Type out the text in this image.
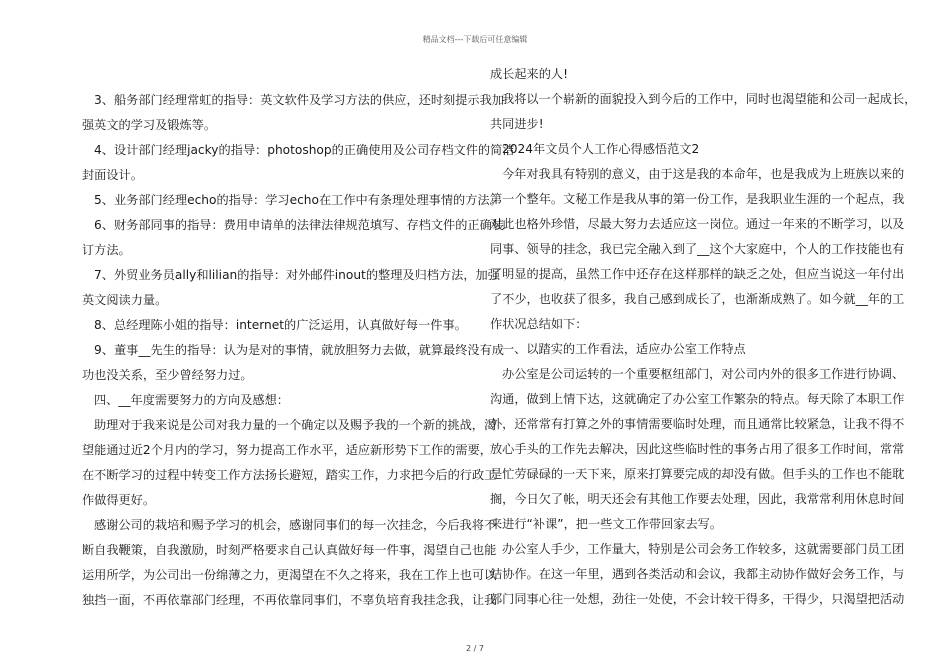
精品文档---下载后可任意编辑
3、船务部门经理常虹的指导：英文软件及学习方法的供应，还时刻提示我加
强英文的学习及锻炼等。
4、设计部门经理jacky的指导：photoshop的正确使用及公司存档文件的简洁
封面设计。
5、业务部门经理echo的指导：学习echo在工作中有条理处理事情的方法。
6、财务部同事的指导：费用申请单的法律法律规范填写、存档文件的正确装
订方法。
7、外贸业务员ally和lilian的指导：对外邮件inout的整理及归档方法，加强
英文阅读力量。
8、总经理陈小姐的指导：internet的广泛运用，认真做好每一件事。
9、董事__先生的指导：认为是对的事情，就放胆努力去做，就算最终没有成
功也没关系，至少曾经努力过。
四、__年度需要努力的方向及感想：
助理对于我来说是公司对我力量的一个确定以及赐予我的一个新的挑战，渴
望能通过近2个月内的学习，努力提高工作水平，适应新形势下工作的需要，
在不断学习的过程中转变工作方法扬长避短，踏实工作，力求把今后的行政工
作做得更好。
感谢公司的栽培和赐予学习的机会，感谢同事们的每一次挂念，今后我将不
断自我鞭策，自我激励，时刻严格要求自己认真做好每一件事，渴望自己也能
运用所学，为公司出一份绵薄之力，更渴望在不久之将来，我在工作上也可以
独挡一面，不再依靠部门经理，不再依靠同事们，不辜负培育我挂念我，让我
成长起来的人!
我将以一个崭新的面貌投入到今后的工作中，同时也渴望能和公司一起成长，
共同进步!
2024年文员个人工作心得感悟范文2
今年对我具有特别的意义，由于这是我的本命年，也是我成为上班族以来的
第一个整年。文秘工作是我从事的第一份工作，是我职业生涯的一个起点，我
对此也格外珍惜，尽最大努力去适应这一岗位。通过一年来的不断学习，以及
同事、领导的挂念，我已完全融入到了__这个大家庭中，个人的工作技能也有
了明显的提高，虽然工作中还存在这样那样的缺乏之处，但应当说这一年付出
了不少，也收获了很多，我自己感到成长了，也渐渐成熟了。如今就__年的工
作状况总结如下：
一、以踏实的工作看法，适应办公室工作特点
办公室是公司运转的一个重要枢纽部门，对公司内外的很多工作进行协调、
沟通，做到上情下达，这就确定了办公室工作繁杂的特点。每天除了本职工作
外，还常常有打算之外的事情需要临时处理，而且通常比较紧急，让我不得不
放心手头的工作先去解决，因此这些临时性的事务占用了很多工作时间，常常
是忙劳碌碌的一天下来，原来打算要完成的却没有做。但手头的工作也不能耽
搁，今日欠了帐，明天还会有其他工作要去处理，因此，我常常利用休息时间
来进行“补课”，把一些文工作带回家去写。
办公室人手少，工作量大，特别是公司会务工作较多，这就需要部门员工团
结协作。在这一年里，遇到各类活动和会议，我都主动协作做好会务工作，与
部门同事心往一处想，劲往一处使，不会计较干得多，干得少，只渴望把活动
2 / 7
